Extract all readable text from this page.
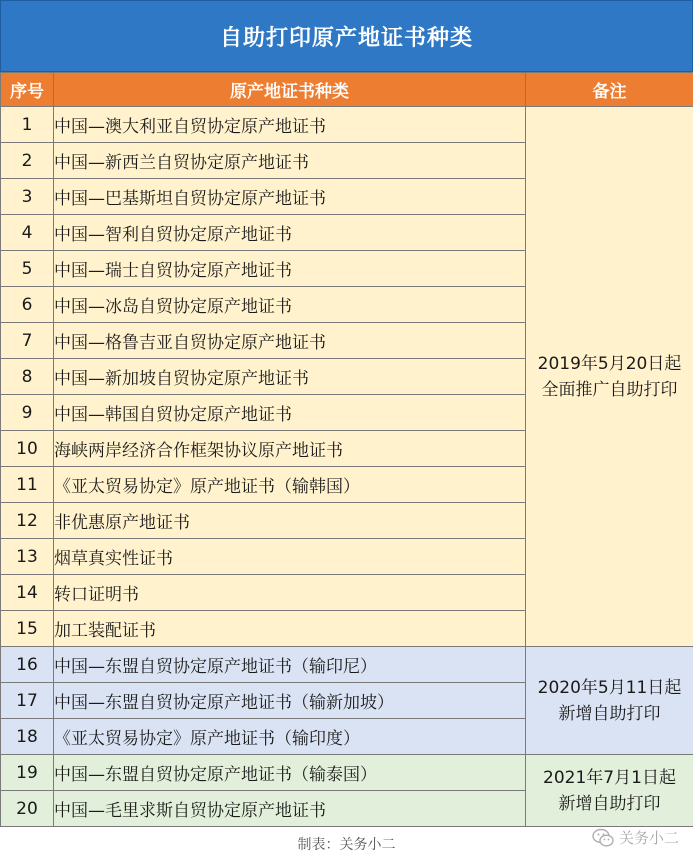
自助打印原产地证书种类
序号	原产地证书种类	备注
1	中国—澳大利亚自贸协定原产地证书	2019年5月20日起
全面推广自助打印

2	中国—新西兰自贸协定原产地证书	
3	中国—巴基斯坦自贸协定原产地证书	
4	中国—智利自贸协定原产地证书	
5	中国—瑞士自贸协定原产地证书	
6	中国—冰岛自贸协定原产地证书	
7	中国—格鲁吉亚自贸协定原产地证书	
8	中国—新加坡自贸协定原产地证书	
9	中国—韩国自贸协定原产地证书	
10	海峡两岸经济合作框架协议原产地证书	
11	《亚太贸易协定》原产地证书（输韩国）	
12	非优惠原产地证书	
13	烟草真实性证书	
14	转口证明书	
15	加工装配证书	
16	中国—东盟自贸协定原产地证书（输印尼）	2020年5月11日起
新增自助打印

17	中国—东盟自贸协定原产地证书（输新加坡）	
18	《亚太贸易协定》原产地证书（输印度）	
19	中国—东盟自贸协定原产地证书（输泰国）	2021年7月1日起
新增自助打印

20	中国—毛里求斯自贸协定原产地证书	
制表：关务小二	关务小二
